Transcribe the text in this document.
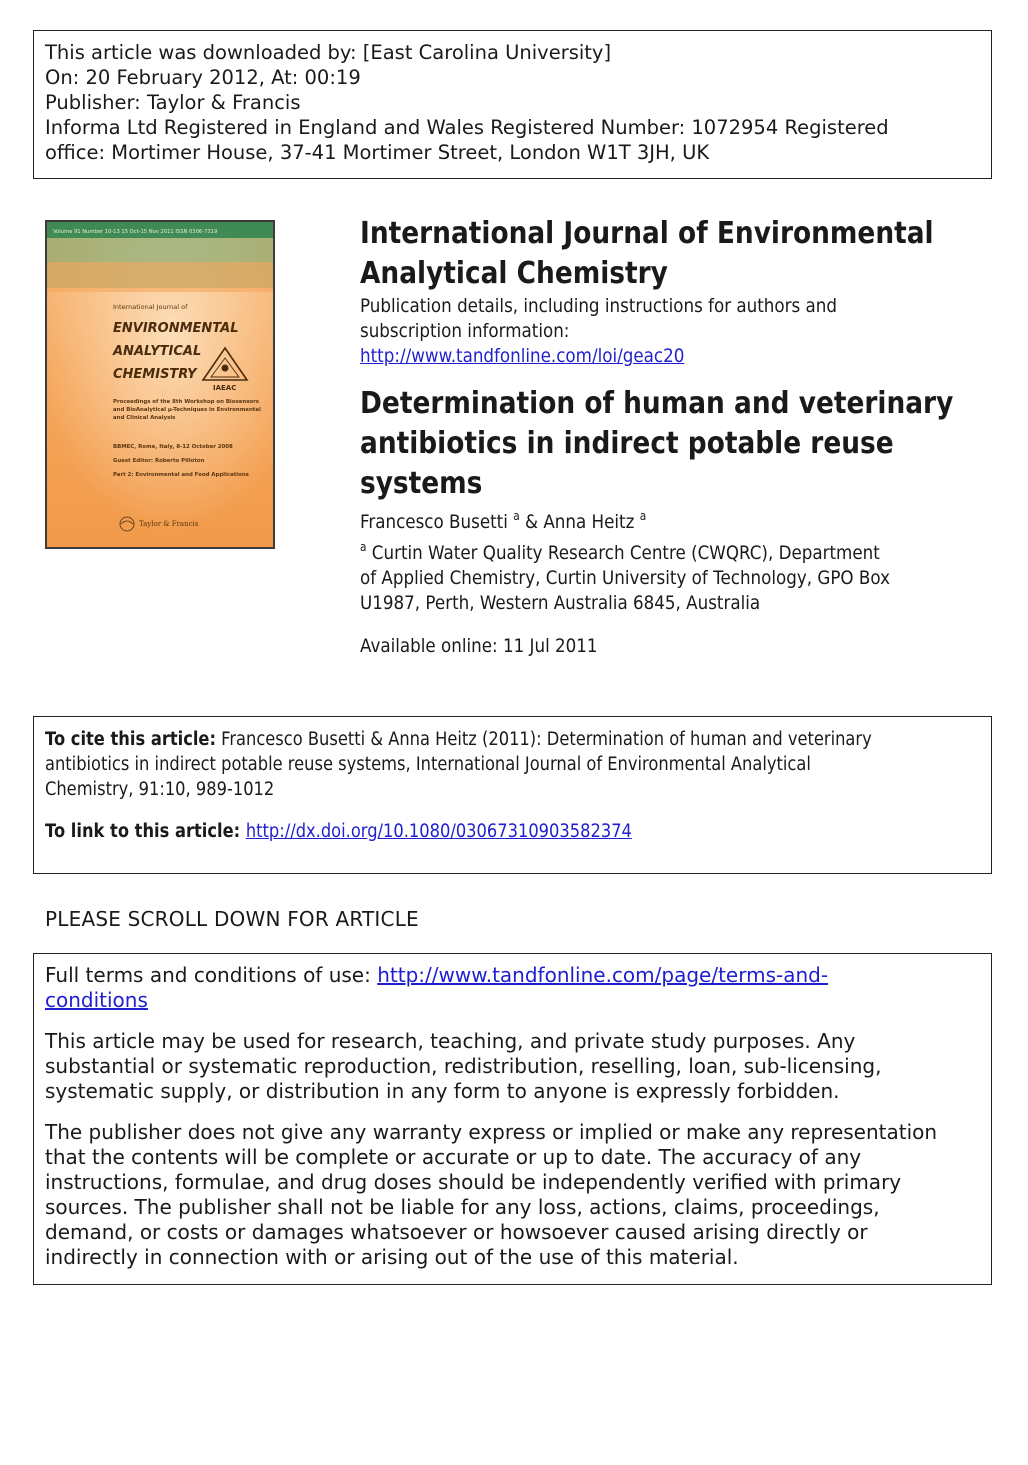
This article was downloaded by: [East Carolina University]
On: 20 February 2012, At: 00:19
Publisher: Taylor & Francis
Informa Ltd Registered in England and Wales Registered Number: 1072954 Registered
office: Mortimer House, 37-41 Mortimer Street, London W1T 3JH, UK
Volume 91 Number 10-13 15 Oct-15 Nov 2011 ISSN 0306-7319
International Journal of
ENVIRONMENTAL
ANALYTICAL
CHEMISTRY
IAEAC
Proceedings of the 8th Workshop on Biosensors and BioAnalytical µ-Techniques in Environmental and Clinical Analysis
BBMEC, Rome, Italy, 8-12 October 2008
Guest Editor: Roberto Pilloton
Part 2: Environmental and Food Applications
Taylor & Francis
International Journal of Environmental
Analytical Chemistry
Publication details, including instructions for authors and
subscription information:
http://www.tandfonline.com/loi/geac20
Determination of human and veterinary
antibiotics in indirect potable reuse
systems
Francesco Busetti $^a$ & Anna Heitz $^a$
$^a$ Curtin Water Quality Research Centre (CWQRC), Department
of Applied Chemistry, Curtin University of Technology, GPO Box
U1987, Perth, Western Australia 6845, Australia
Available online: 11 Jul 2011

To cite this article: Francesco Busetti & Anna Heitz (2011): Determination of human and veterinary

antibiotics in indirect potable reuse systems, International Journal of Environmental Analytical

Chemistry, 91:10, 989-1012

To link to this article: http://dx.doi.org/10.1080/03067310903582374

PLEASE SCROLL DOWN FOR ARTICLE

Full terms and conditions of use: http://www.tandfonline.com/page/terms-and-
conditions

This article may be used for research, teaching, and private study purposes. Any
substantial or systematic reproduction, redistribution, reselling, loan, sub-licensing,
systematic supply, or distribution in any form to anyone is expressly forbidden.

The publisher does not give any warranty express or implied or make any representation
that the contents will be complete or accurate or up to date. The accuracy of any
instructions, formulae, and drug doses should be independently verified with primary
sources. The publisher shall not be liable for any loss, actions, claims, proceedings,
demand, or costs or damages whatsoever or howsoever caused arising directly or
indirectly in connection with or arising out of the use of this material.
